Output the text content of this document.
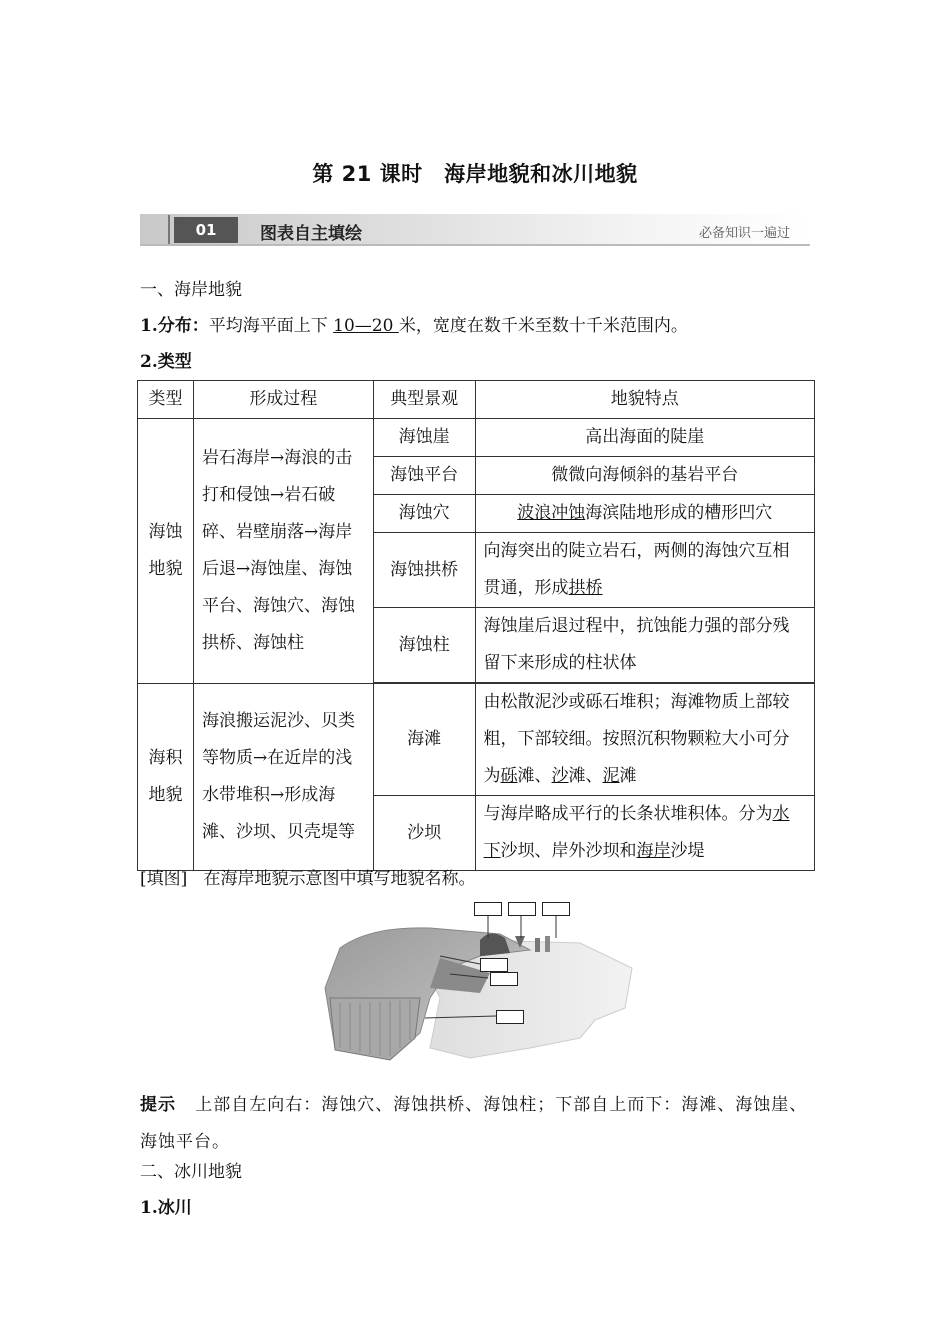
第 21 课时　海岸地貌和冰川地貌
01	图表自主填绘	必备知识一遍过
一、海岸地貌
1.分布：平均海平面上下 10—20 米，宽度在数千米至数十千米范围内。
2.类型
类型	形成过程	典型景观	地貌特点
海蚀地貌	岩石海岸→海浪的击打和侵蚀→岩石破碎、岩壁崩落→海岸后退→海蚀崖、海蚀平台、海蚀穴、海蚀拱桥、海蚀柱	海蚀崖	高出海面的陡崖
		海蚀平台	微微向海倾斜的基岩平台
		海蚀穴	波浪冲蚀海滨陆地形成的槽形凹穴
		海蚀拱桥	向海突出的陡立岩石，两侧的海蚀穴互相贯通，形成拱桥
		海蚀柱	海蚀崖后退过程中，抗蚀能力强的部分残留下来形成的柱状体

海积地貌	海浪搬运泥沙、贝类等物质→在近岸的浅水带堆积→形成海滩、沙坝、贝壳堤等	海滩	由松散泥沙或砾石堆积；海滩物质上部较粗，下部较细。按照沉积物颗粒大小可分为砾滩、沙滩、泥滩
		沙坝	与海岸略成平行的长条状堆积体。分为水下沙坝、岸外沙坝和海岸沙堤
[填图] 在海岸地貌示意图中填写地貌名称。
提示 上部自左向右：海蚀穴、海蚀拱桥、海蚀柱；下部自上而下：海滩、海蚀崖、海蚀平台。
二、冰川地貌
1.冰川
